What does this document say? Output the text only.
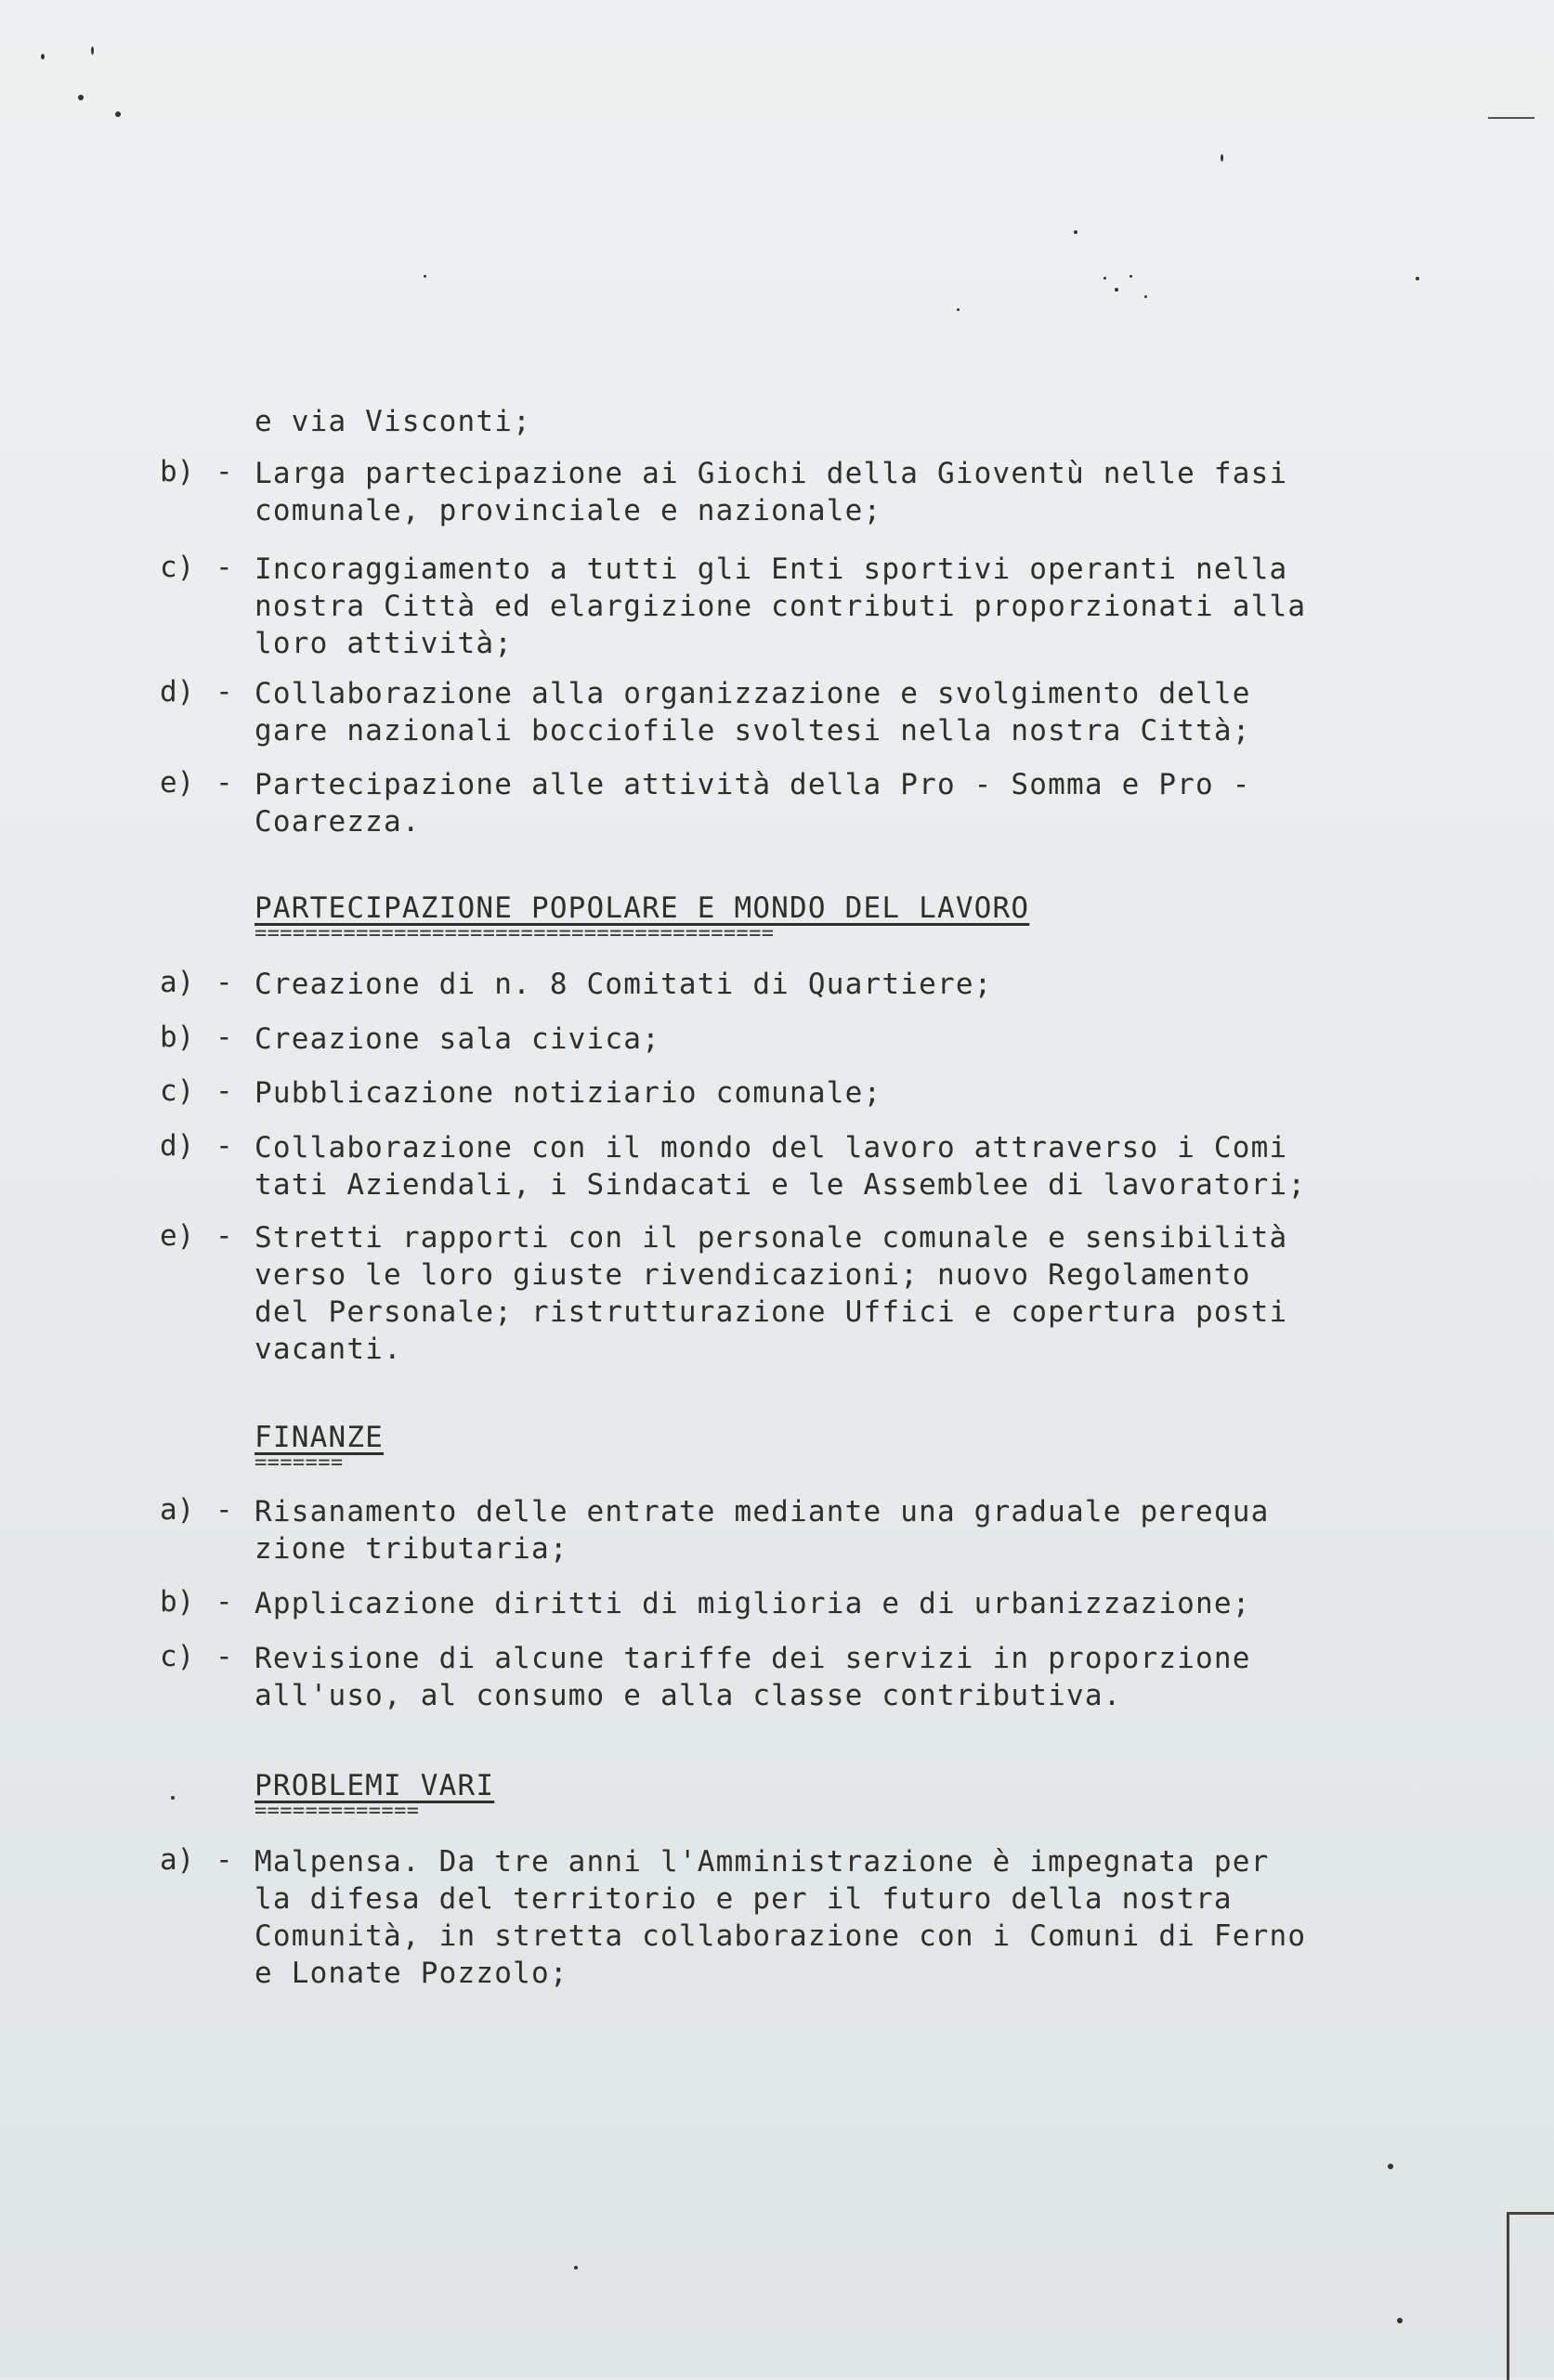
e via Visconti;
b) - Larga partecipazione ai Giochi della Gioventù nelle fasi
comunale, provinciale e nazionale;
c) - Incoraggiamento a tutti gli Enti sportivi operanti nella
nostra Città ed elargizione contributi proporzionati alla
loro attività;
d) - Collaborazione alla organizzazione e svolgimento delle
gare nazionali bocciofile svoltesi nella nostra Città;
e) - Partecipazione alle attività della Pro - Somma e Pro -
Coarezza.
PARTECIPAZIONE POPOLARE E MONDO DEL LAVORO
=========================================
a) - Creazione di n. 8 Comitati di Quartiere;
b) - Creazione sala civica;
c) - Pubblicazione notiziario comunale;
d) - Collaborazione con il mondo del lavoro attraverso i Comi
tati Aziendali, i Sindacati e le Assemblee di lavoratori;
e) - Stretti rapporti con il personale comunale e sensibilità
verso le loro giuste rivendicazioni; nuovo Regolamento
del Personale; ristrutturazione Uffici e copertura posti
vacanti.
FINANZE
=======
a) - Risanamento delle entrate mediante una graduale perequa
zione tributaria;
b) - Applicazione diritti di miglioria e di urbanizzazione;
c) - Revisione di alcune tariffe dei servizi in proporzione
all'uso, al consumo e alla classe contributiva.
PROBLEMI VARI
=============
a) - Malpensa. Da tre anni l'Amministrazione è impegnata per
la difesa del territorio e per il futuro della nostra
Comunità, in stretta collaborazione con i Comuni di Ferno
e Lonate Pozzolo;
